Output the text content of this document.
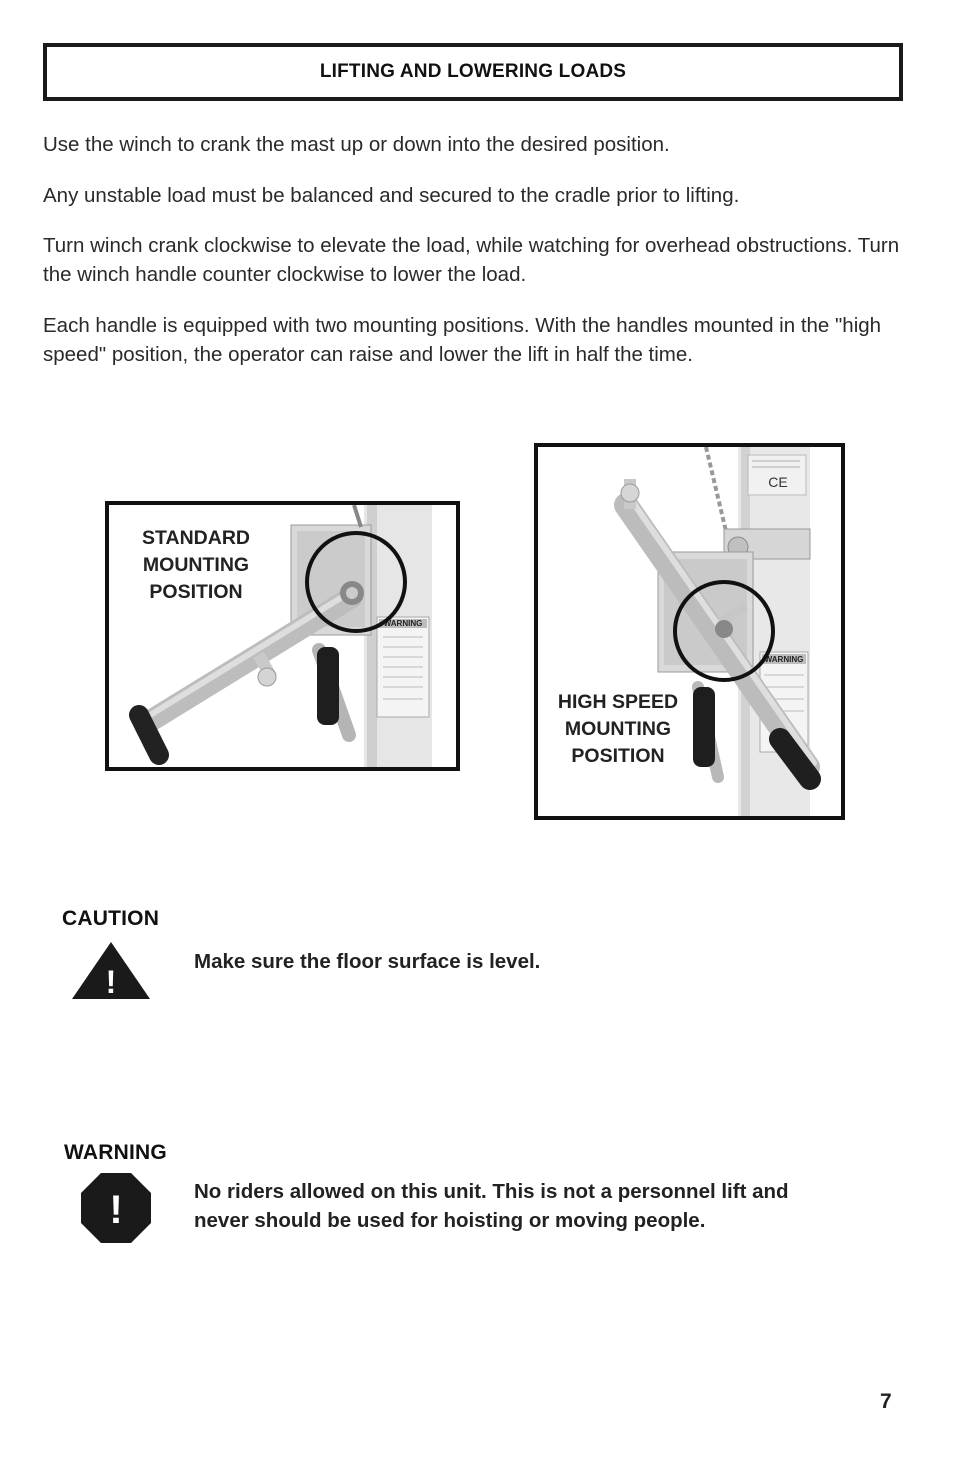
LIFTING AND LOWERING LOADS

Use the winch to crank the mast up or down into the desired position.

Any unstable load must be balanced and secured to the cradle prior to lifting.

Turn winch crank clockwise to elevate the load, while watching for overhead obstructions. Turn the winch handle counter clockwise to lower the load.

Each handle is equipped with two mounting positions. With the handles mounted in the "high speed" position, the operator can raise and lower the lift in half the time.

WARNING
STANDARD
MOUNTING
POSITION
CE
WARNING
HIGH SPEED
MOUNTING
POSITION
CAUTION
!
Make sure the floor surface is level.
WARNING
!	No riders allowed on this unit. This is not a personnel lift and
never should be used for hoisting or moving people.
7
